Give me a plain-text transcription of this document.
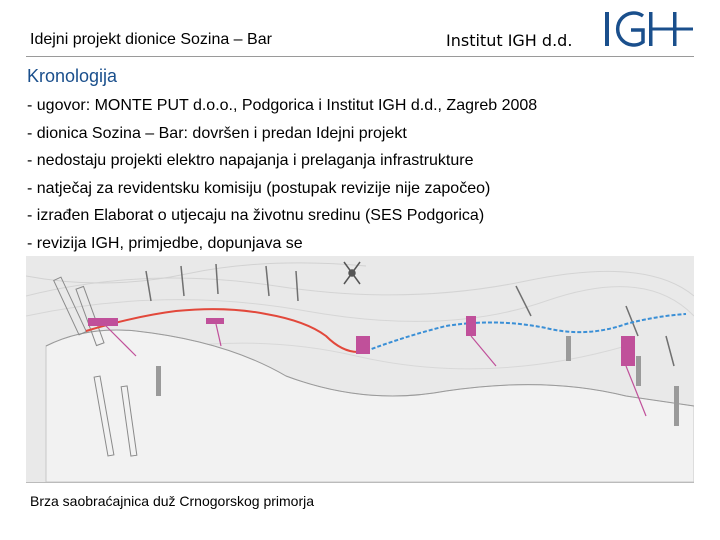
Idejni projekt dionice Sozina – Bar	Institut IGH d.d.
Kronologija
- ugovor: MONTE PUT d.o.o., Podgorica i Institut IGH d.d., Zagreb 2008
- dionica Sozina – Bar: dovršen i predan Idejni projekt
- nedostaju projekti elektro napajanja i prelaganja infrastrukture
- natječaj za revidentsku komisiju (postupak revizije nije započeo)
- izrađen Elaborat o utjecaju na životnu sredinu (SES Podgorica)
- revizija IGH, primjedbe, dopunjava se
Brza saobraćajnica duž Crnogorskog primorja
